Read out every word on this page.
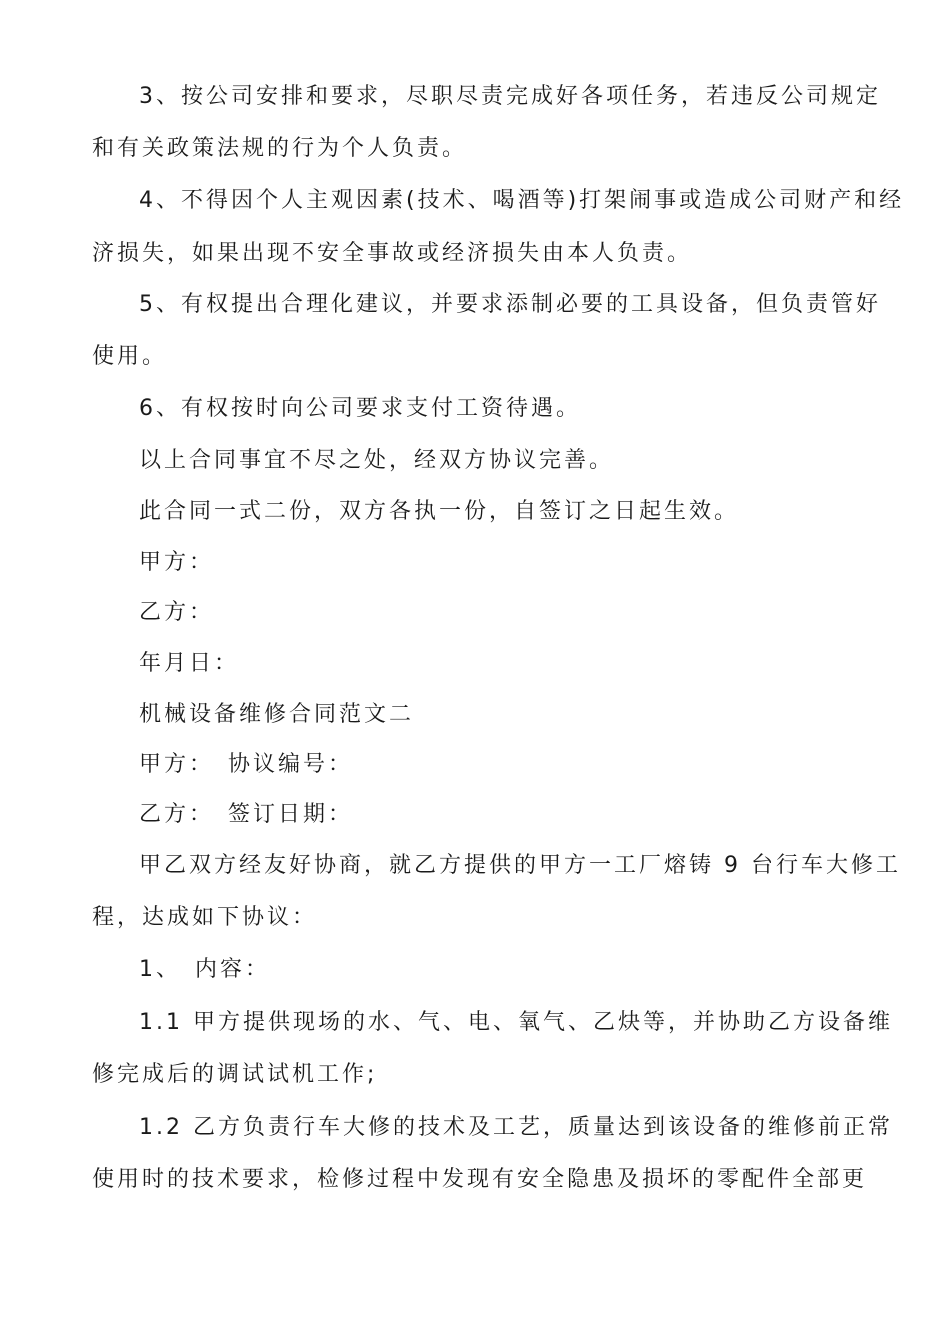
3、按公司安排和要求，尽职尽责完成好各项任务，若违反公司规定
和有关政策法规的行为个人负责。
4、不得因个人主观因素(技术、喝酒等)打架闹事或造成公司财产和经
济损失，如果出现不安全事故或经济损失由本人负责。
5、有权提出合理化建议，并要求添制必要的工具设备，但负责管好
使用。
6、有权按时向公司要求支付工资待遇。
以上合同事宜不尽之处，经双方协议完善。
此合同一式二份，双方各执一份，自签订之日起生效。
甲方：
乙方：
年月日：
机械设备维修合同范文二
甲方：　协议编号：
乙方：　签订日期：
甲乙双方经友好协商，就乙方提供的甲方一工厂熔铸 9 台行车大修工
程，达成如下协议：
1、　内容：
1.1 甲方提供现场的水、气、电、氧气、乙炔等，并协助乙方设备维
修完成后的调试试机工作;
1.2 乙方负责行车大修的技术及工艺，质量达到该设备的维修前正常
使用时的技术要求，检修过程中发现有安全隐患及损坏的零配件全部更
